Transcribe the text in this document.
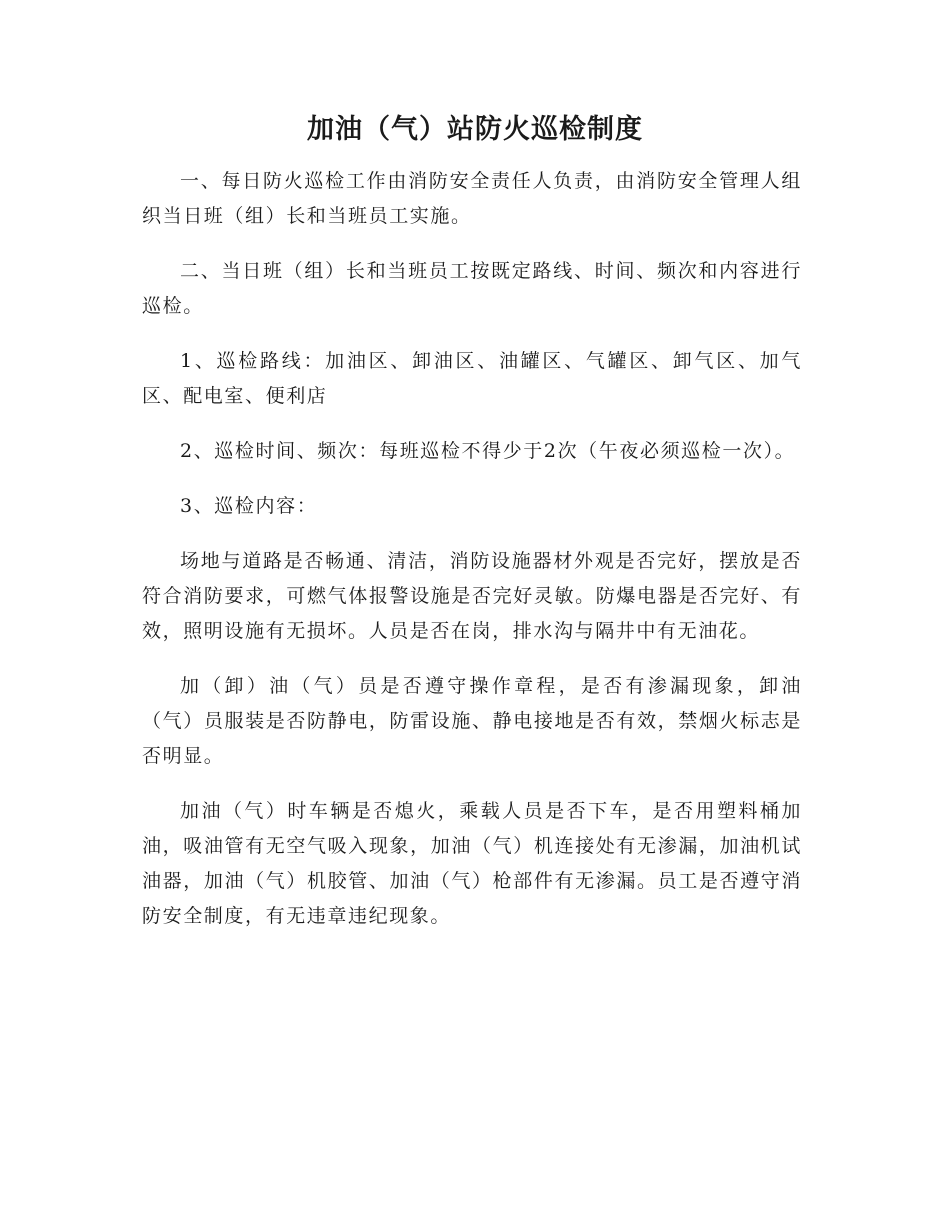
加油（气）站防火巡检制度

一、每日防火巡检工作由消防安全责任人负责，由消防安全管理人组织当日班（组）长和当班员工实施。

二、当日班（组）长和当班员工按既定路线、时间、频次和内容进行巡检。

1、巡检路线：加油区、卸油区、油罐区、气罐区、卸气区、加气区、配电室、便利店

2、巡检时间、频次：每班巡检不得少于2次（午夜必须巡检一次）。

3、巡检内容：

场地与道路是否畅通、清洁，消防设施器材外观是否完好，摆放是否符合消防要求，可燃气体报警设施是否完好灵敏。防爆电器是否完好、有效，照明设施有无损坏。人员是否在岗，排水沟与隔井中有无油花。

加（卸）油（气）员是否遵守操作章程，是否有渗漏现象，卸油（气）员服装是否防静电，防雷设施、静电接地是否有效，禁烟火标志是否明显。

加油（气）时车辆是否熄火，乘载人员是否下车，是否用塑料桶加油，吸油管有无空气吸入现象，加油（气）机连接处有无渗漏，加油机试油器，加油（气）机胶管、加油（气）枪部件有无渗漏。员工是否遵守消防安全制度，有无违章违纪现象。
